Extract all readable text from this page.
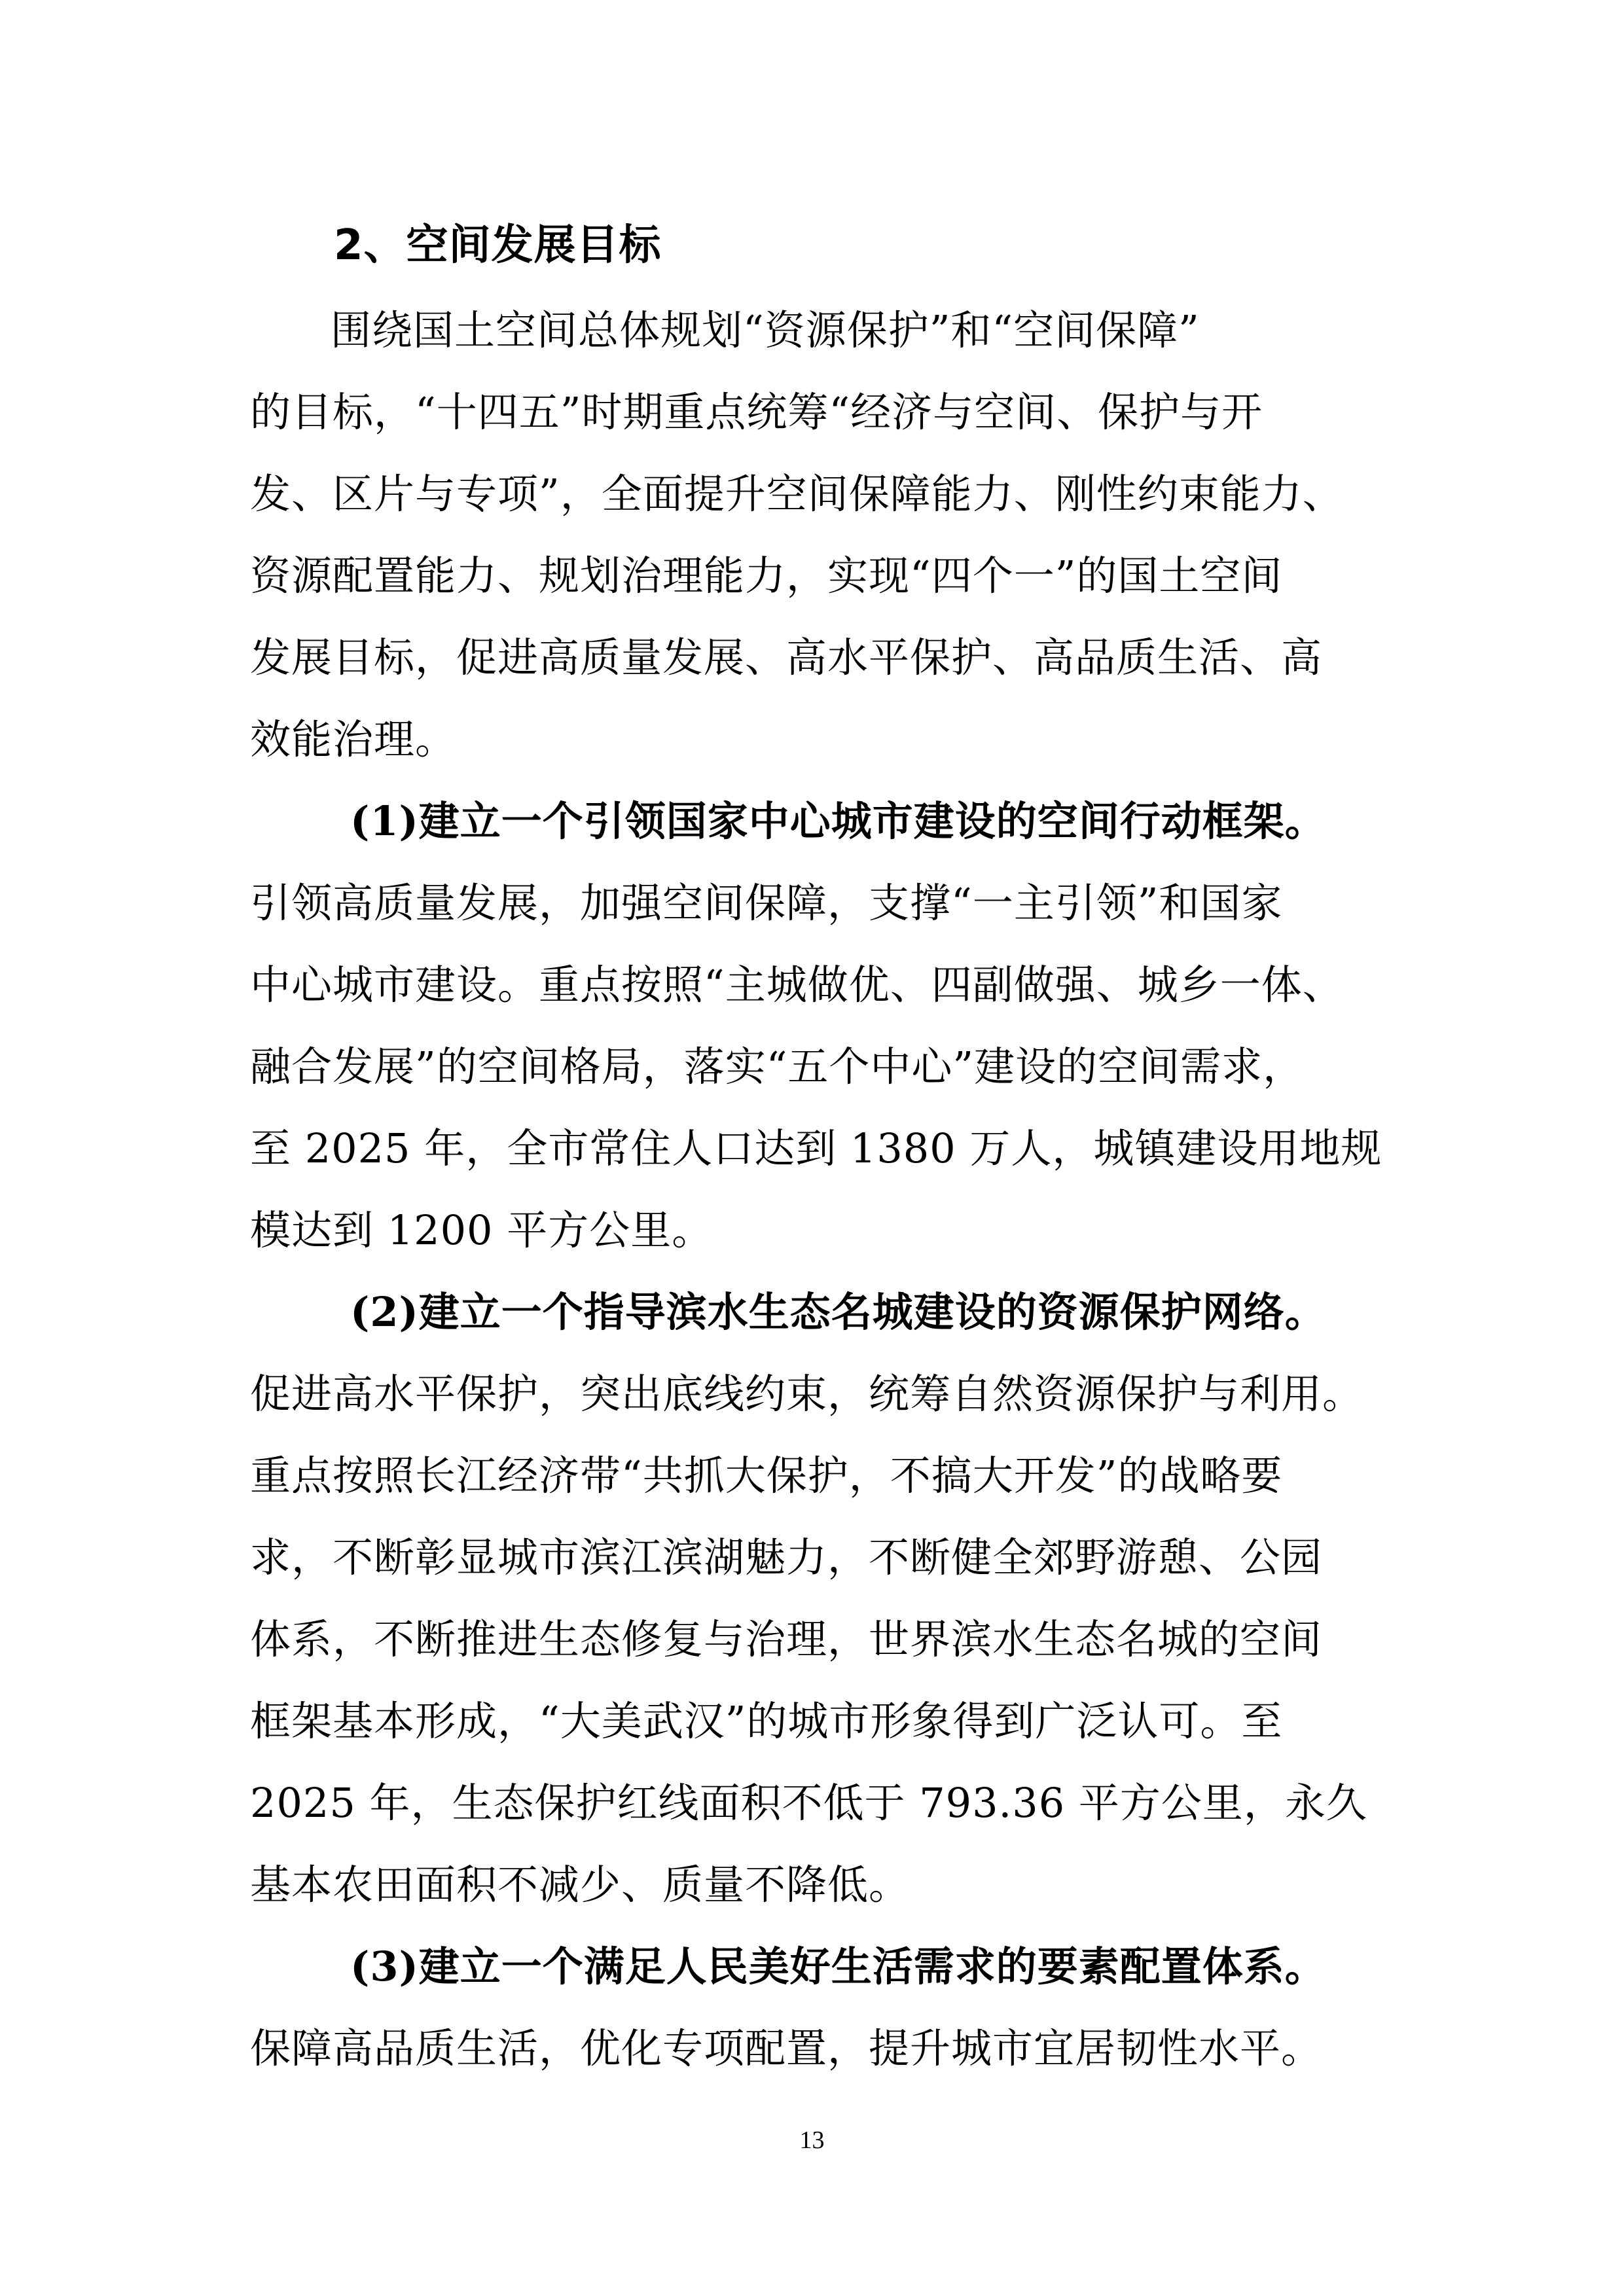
2、空间发展目标
围绕国土空间总体规划“资源保护”和“空间保障”
的目标，“十四五”时期重点统筹“经济与空间、保护与开
发、区片与专项”，全面提升空间保障能力、刚性约束能力、
资源配置能力、规划治理能力，实现“四个一”的国土空间
发展目标，促进高质量发展、高水平保护、高品质生活、高
效能治理。
(1)建立一个引领国家中心城市建设的空间行动框架。
引领高质量发展，加强空间保障，支撑“一主引领”和国家
中心城市建设。重点按照“主城做优、四副做强、城乡一体、
融合发展”的空间格局，落实“五个中心”建设的空间需求，
至 2025 年，全市常住人口达到 1380 万人，城镇建设用地规
模达到 1200 平方公里。
(2)建立一个指导滨水生态名城建设的资源保护网络。
促进高水平保护，突出底线约束，统筹自然资源保护与利用。
重点按照长江经济带“共抓大保护，不搞大开发”的战略要
求，不断彰显城市滨江滨湖魅力，不断健全郊野游憩、公园
体系，不断推进生态修复与治理，世界滨水生态名城的空间
框架基本形成，“大美武汉”的城市形象得到广泛认可。至
2025 年，生态保护红线面积不低于 793.36 平方公里，永久
基本农田面积不减少、质量不降低。
(3)建立一个满足人民美好生活需求的要素配置体系。
保障高品质生活，优化专项配置，提升城市宜居韧性水平。
13
